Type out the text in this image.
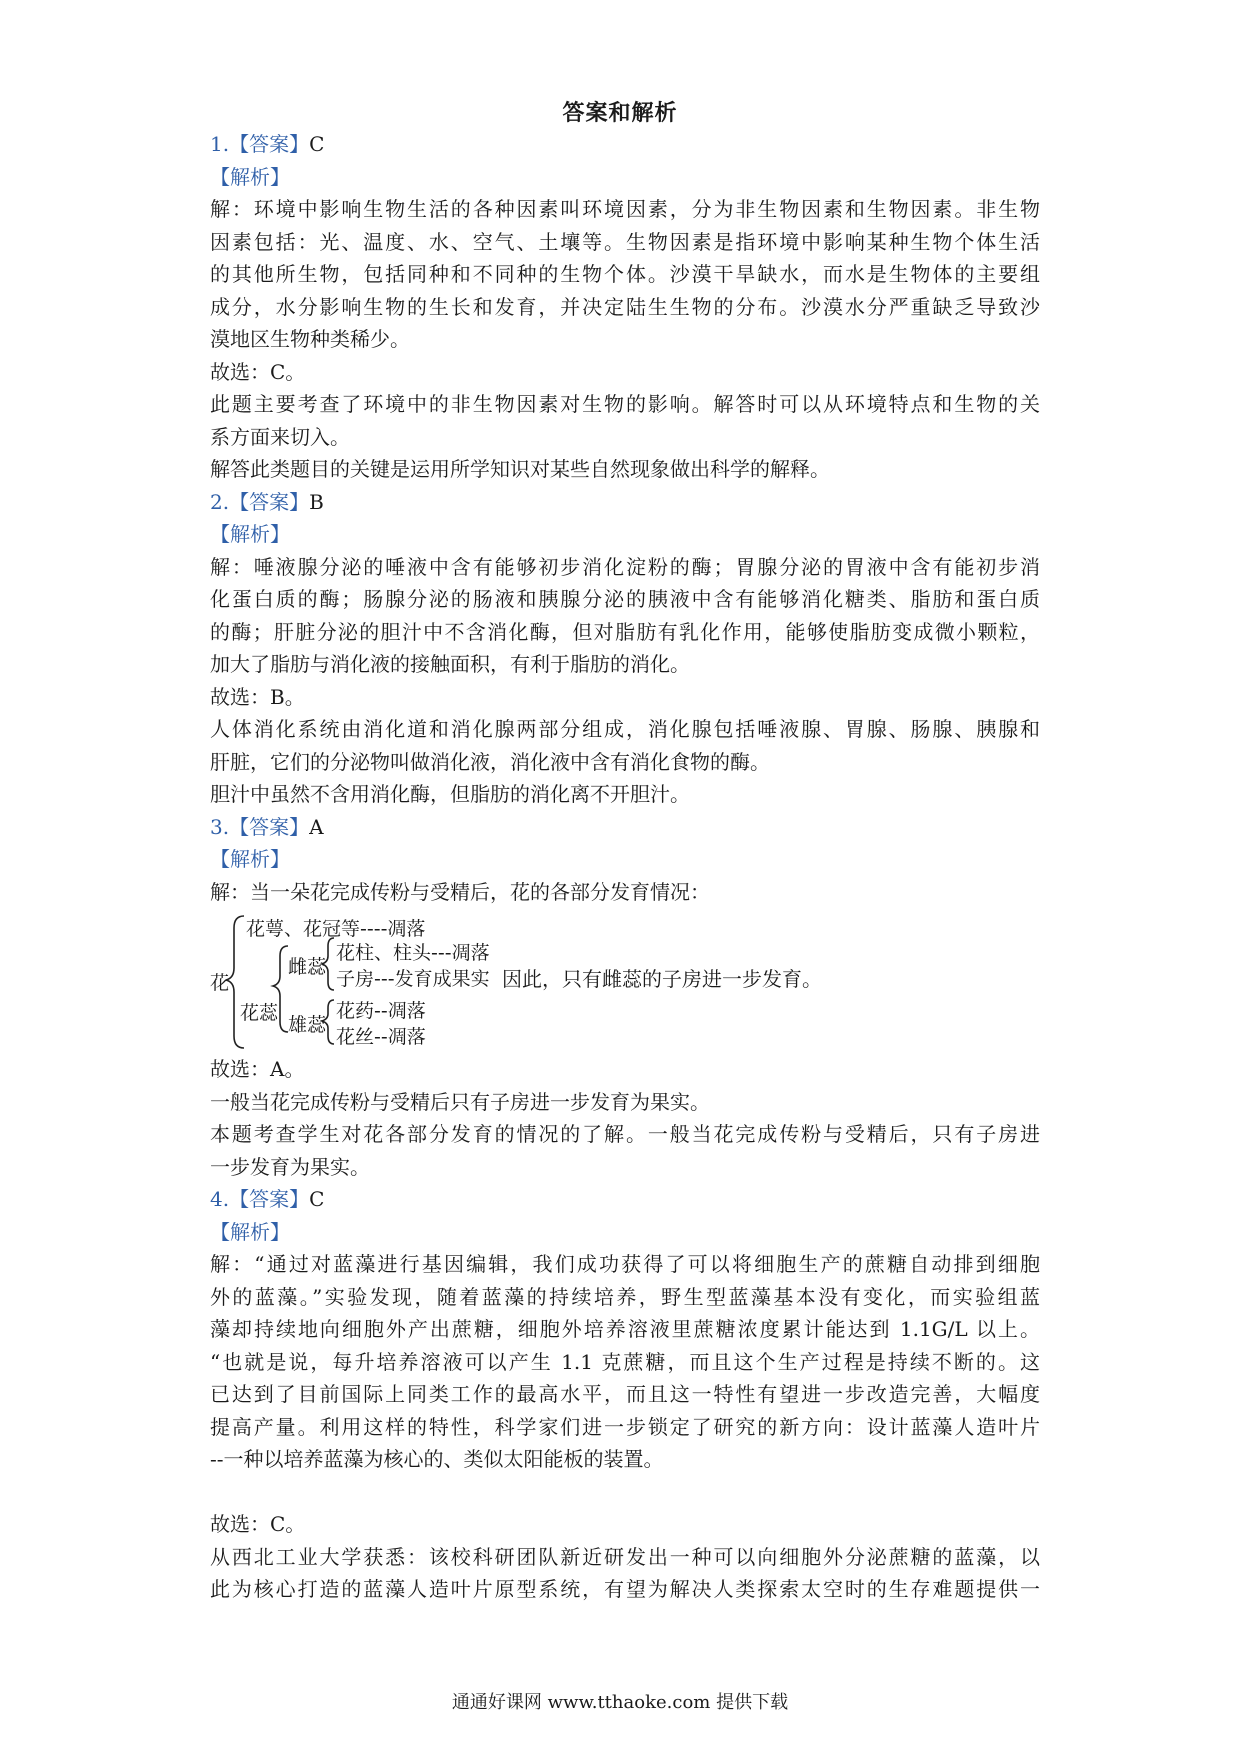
答案和解析
1.【答案】C
【解析】
解：环境中影响生物生活的各种因素叫环境因素，分为非生物因素和生物因素。非生物
因素包括：光、温度、水、空气、土壤等。生物因素是指环境中影响某种生物个体生活
的其他所生物，包括同种和不同种的生物个体。沙漠干旱缺水，而水是生物体的主要组
成分，水分影响生物的生长和发育，并决定陆生生物的分布。沙漠水分严重缺乏导致沙
漠地区生物种类稀少。
故选：C。
此题主要考查了环境中的非生物因素对生物的影响。解答时可以从环境特点和生物的关
系方面来切入。
解答此类题目的关键是运用所学知识对某些自然现象做出科学的解释。
2.【答案】B
【解析】
解：唾液腺分泌的唾液中含有能够初步消化淀粉的酶；胃腺分泌的胃液中含有能初步消
化蛋白质的酶；肠腺分泌的肠液和胰腺分泌的胰液中含有能够消化糖类、脂肪和蛋白质
的酶；肝脏分泌的胆汁中不含消化酶，但对脂肪有乳化作用，能够使脂肪变成微小颗粒，
加大了脂肪与消化液的接触面积，有利于脂肪的消化。
故选：B。
人体消化系统由消化道和消化腺两部分组成，消化腺包括唾液腺、胃腺、肠腺、胰腺和
肝脏，它们的分泌物叫做消化液，消化液中含有消化食物的酶。
胆汁中虽然不含用消化酶，但脂肪的消化离不开胆汁。
3.【答案】A
【解析】
解：当一朵花完成传粉与受精后，花的各部分发育情况：
花
花萼、花冠等----凋落
花蕊
雌蕊
花柱、柱头---凋落
子房---发育成果实 因此，只有雌蕊的子房进一步发育。
雄蕊
花药--凋落
花丝--凋落
故选：A。
一般当花完成传粉与受精后只有子房进一步发育为果实。
本题考查学生对花各部分发育的情况的了解。一般当花完成传粉与受精后，只有子房进
一步发育为果实。
4.【答案】C
【解析】
解：“通过对蓝藻进行基因编辑，我们成功获得了可以将细胞生产的蔗糖自动排到细胞
外的蓝藻。”实验发现，随着蓝藻的持续培养，野生型蓝藻基本没有变化，而实验组蓝
藻却持续地向细胞外产出蔗糖，细胞外培养溶液里蔗糖浓度累计能达到 1.1G/L 以上。
“也就是说，每升培养溶液可以产生 1.1 克蔗糖，而且这个生产过程是持续不断的。这
已达到了目前国际上同类工作的最高水平，而且这一特性有望进一步改造完善，大幅度
提高产量。利用这样的特性，科学家们进一步锁定了研究的新方向：设计蓝藻人造叶片
--一种以培养蓝藻为核心的、类似太阳能板的装置。
故选：C。
从西北工业大学获悉：该校科研团队新近研发出一种可以向细胞外分泌蔗糖的蓝藻，以
此为核心打造的蓝藻人造叶片原型系统，有望为解决人类探索太空时的生存难题提供一
通通好课网 www.tthaoke.com 提供下载
